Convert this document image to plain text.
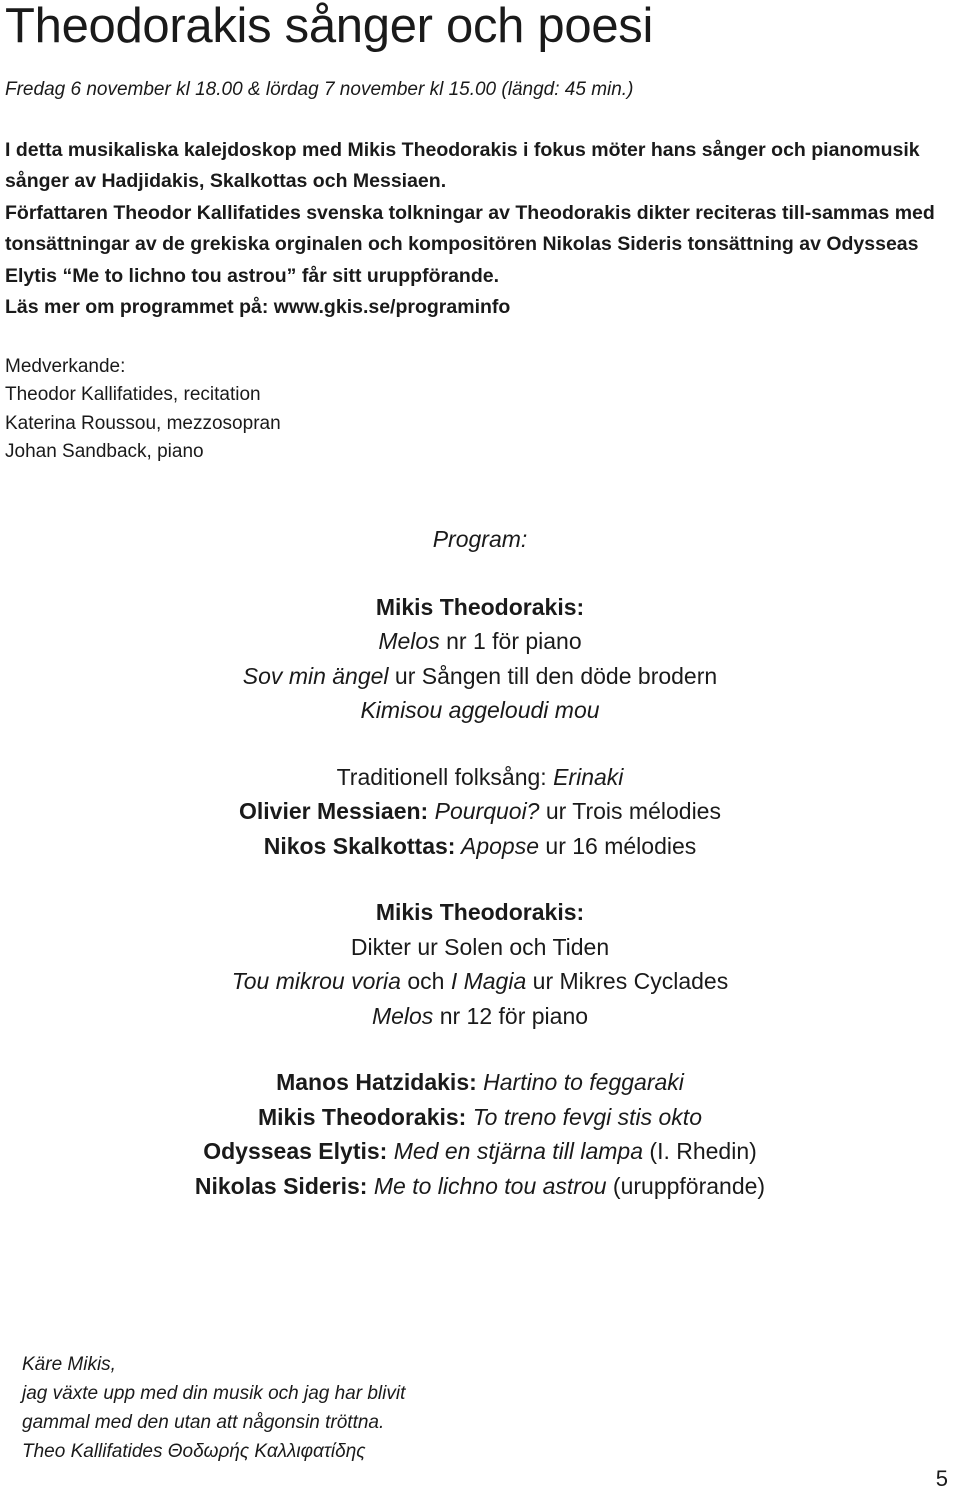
Theodorakis sånger och poesi
Fredag 6 november kl 18.00 & lördag 7 november kl 15.00 (längd: 45 min.)

I detta musikaliska kalejdoskop med Mikis Theodorakis i fokus möter hans sånger och pianomusik sånger av Hadjidakis, Skalkottas och Messiaen.

Författaren Theodor Kallifatides svenska tolkningar av Theodorakis dikter reciteras till-sammas med tonsättningar av de grekiska orginalen och kompositören Nikolas Sideris tonsättning av Odysseas Elytis “Me to lichno tou astrou” får sitt uruppförande.

Läs mer om programmet på: www.gkis.se/programinfo

Medverkande:
Theodor Kallifatides, recitation
Katerina Roussou, mezzosopran
Johan Sandback, piano
Program:
Mikis Theodorakis:
Melos nr 1 för piano
Sov min ängel ur Sången till den döde brodern
Kimisou aggeloudi mou
Traditionell folksång: Erinaki
Olivier Messiaen: Pourquoi? ur Trois mélodies
Nikos Skalkottas: Apopse ur 16 mélodies
Mikis Theodorakis:
Dikter ur Solen och Tiden
Tou mikrou voria och I Magia ur Mikres Cyclades
Melos nr 12 för piano
Manos Hatzidakis: Hartino to feggaraki
Mikis Theodorakis: To treno fevgi stis okto
Odysseas Elytis: Med en stjärna till lampa (I. Rhedin)
Nikolas Sideris: Me to lichno tou astrou (uruppförande)
Käre Mikis,
jag växte upp med din musik och jag har blivit
gammal med den utan att någonsin tröttna.
Theo Kallifatides Θοδωρής Καλλιφατίδης
5
